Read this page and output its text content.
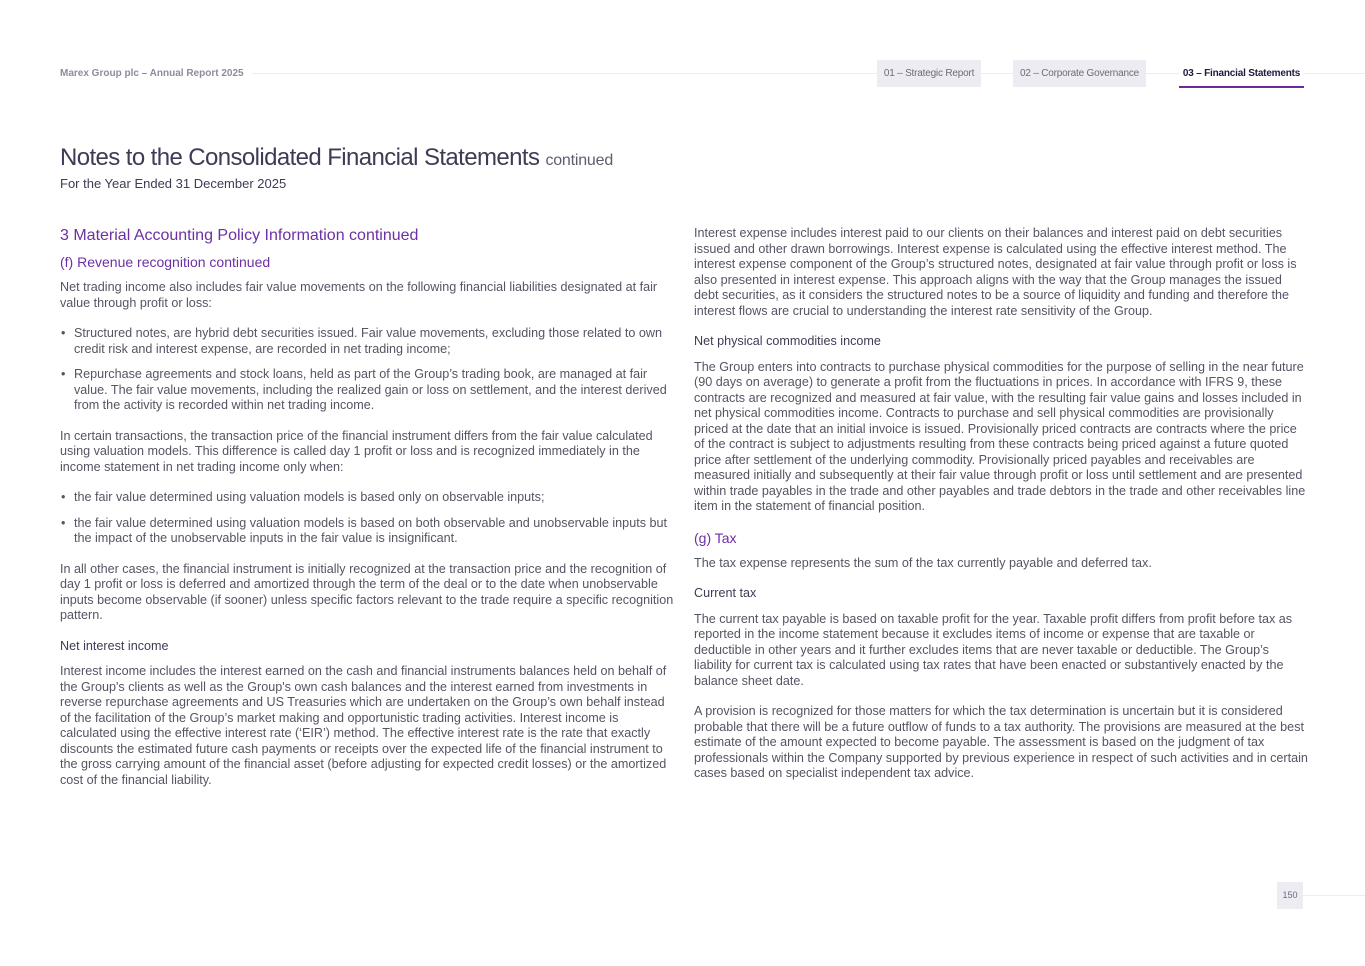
Marex Group plc – Annual Report 2025	01 – Strategic Report	02 – Corporate Governance	03 – Financial Statements
Notes to the Consolidated Financial Statements continued
For the Year Ended 31 December 2025
3 Material Accounting Policy Information continued
(f) Revenue recognition continued

Net trading income also includes fair value movements on the following financial liabilities designated at fair value through profit or loss:

• Structured notes, are hybrid debt securities issued. Fair value movements, excluding those related to own credit risk and interest expense, are recorded in net trading income;
• Repurchase agreements and stock loans, held as part of the Group’s trading book, are managed at fair value. The fair value movements, including the realized gain or loss on settlement, and the interest derived from the activity is recorded within net trading income.

In certain transactions, the transaction price of the financial instrument differs from the fair value calculated using valuation models. This difference is called day 1 profit or loss and is recognized immediately in the income statement in net trading income only when:

• the fair value determined using valuation models is based only on observable inputs;
• the fair value determined using valuation models is based on both observable and unobservable inputs but the impact of the unobservable inputs in the fair value is insignificant.

In all other cases, the financial instrument is initially recognized at the transaction price and the recognition of day 1 profit or loss is deferred and amortized through the term of the deal or to the date when unobservable inputs become observable (if sooner) unless specific factors relevant to the trade require a specific recognition pattern.

Net interest income

Interest income includes the interest earned on the cash and financial instruments balances held on behalf of the Group's clients as well as the Group's own cash balances and the interest earned from investments in reverse repurchase agreements and US Treasuries which are undertaken on the Group’s own behalf instead of the facilitation of the Group’s market making and opportunistic trading activities. Interest income is calculated using the effective interest rate (‘EIR’) method. The effective interest rate is the rate that exactly discounts the estimated future cash payments or receipts over the expected life of the financial instrument to the gross carrying amount of the financial asset (before adjusting for expected credit losses) or the amortized cost of the financial liability.

Interest expense includes interest paid to our clients on their balances and interest paid on debt securities issued and other drawn borrowings. Interest expense is calculated using the effective interest method. The interest expense component of the Group’s structured notes, designated at fair value through profit or loss is also presented in interest expense. This approach aligns with the way that the Group manages the issued debt securities, as it considers the structured notes to be a source of liquidity and funding and therefore the interest flows are crucial to understanding the interest rate sensitivity of the Group.

Net physical commodities income

The Group enters into contracts to purchase physical commodities for the purpose of selling in the near future (90 days on average) to generate a profit from the fluctuations in prices. In accordance with IFRS 9, these contracts are recognized and measured at fair value, with the resulting fair value gains and losses included in net physical commodities income. Contracts to purchase and sell physical commodities are provisionally priced at the date that an initial invoice is issued. Provisionally priced contracts are contracts where the price of the contract is subject to adjustments resulting from these contracts being priced against a future quoted price after settlement of the underlying commodity. Provisionally priced payables and receivables are measured initially and subsequently at their fair value through profit or loss until settlement and are presented within trade payables in the trade and other payables and trade debtors in the trade and other receivables line item in the statement of financial position.

(g) Tax

The tax expense represents the sum of the tax currently payable and deferred tax.

Current tax

The current tax payable is based on taxable profit for the year. Taxable profit differs from profit before tax as reported in the income statement because it excludes items of income or expense that are taxable or deductible in other years and it further excludes items that are never taxable or deductible. The Group’s liability for current tax is calculated using tax rates that have been enacted or substantively enacted by the balance sheet date.

A provision is recognized for those matters for which the tax determination is uncertain but it is considered probable that there will be a future outflow of funds to a tax authority. The provisions are measured at the best estimate of the amount expected to become payable. The assessment is based on the judgment of tax professionals within the Company supported by previous experience in respect of such activities and in certain cases based on specialist independent tax advice.

150
